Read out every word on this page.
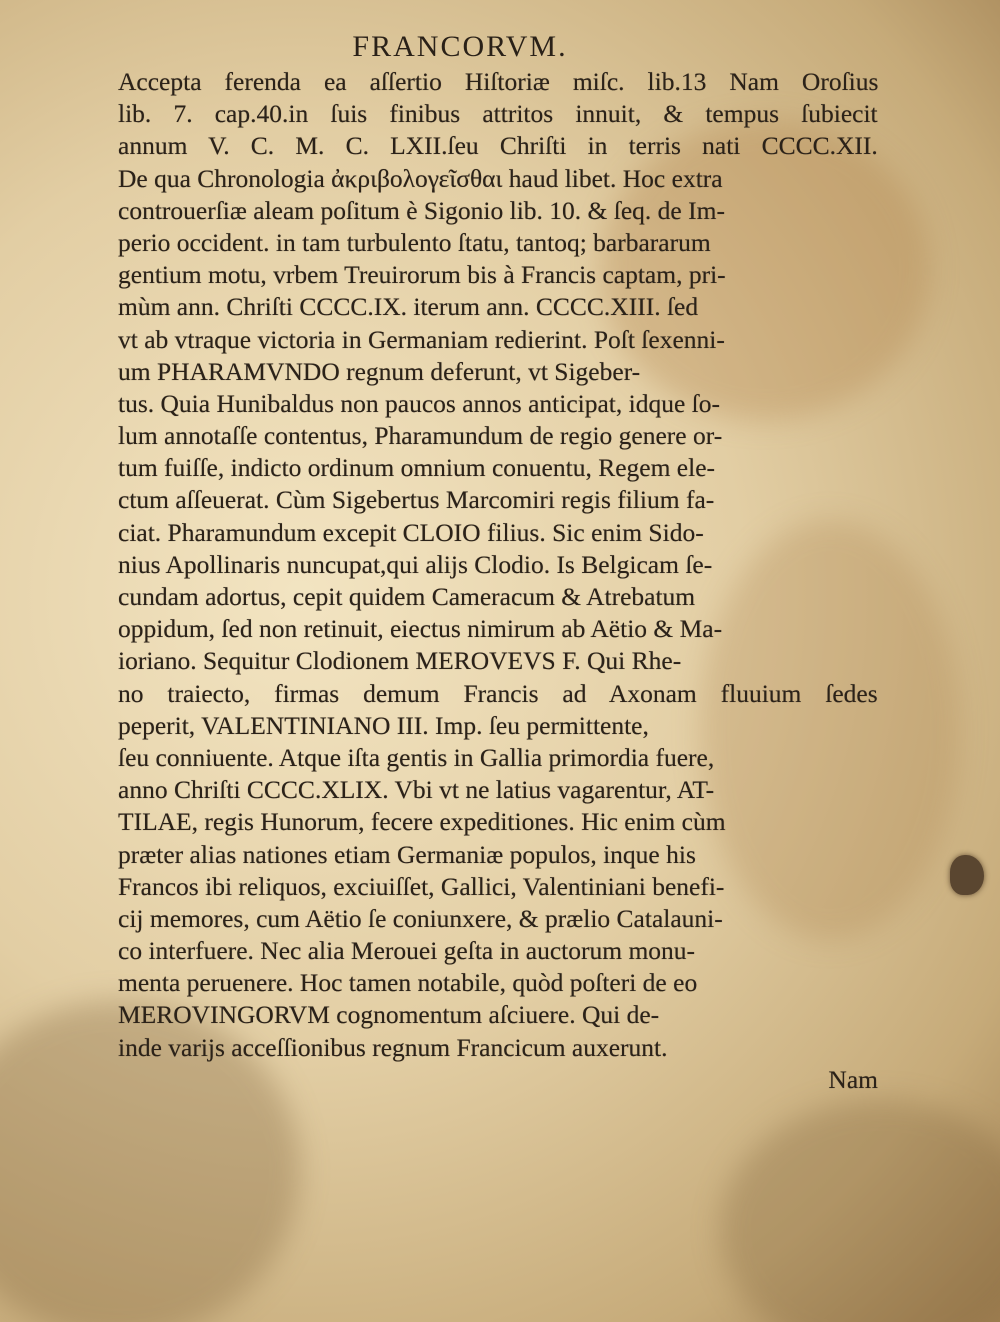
FRANCORVM.
Accepta ferenda ea aſſertio Hiſtoriæ miſc. lib.13 Nam Oroſius
lib. 7. cap.40.in ſuis finibus attritos innuit, & tempus ſubiecit
annum V. C. M. C. LXII.ſeu Chriſti in terris nati CCCC.XII.
De qua Chronologia ἀκριβολογεῖσθαι haud libet. Hoc extra
controuerſiæ aleam poſitum è Sigonio lib. 10. & ſeq. de Im-
perio occident. in tam turbulento ſtatu, tantoq; barbararum
gentium motu, vrbem Treuirorum bis à Francis captam, pri-
mùm ann. Chriſti CCCC.IX. iterum ann. CCCC.XIII. ſed
vt ab vtraque victoria in Germaniam redierint. Poſt ſexenni-
um PHARAMVNDO regnum deferunt, vt Sigeber-
tus. Quia Hunibaldus non paucos annos anticipat, idque ſo-
lum annotaſſe contentus, Pharamundum de regio genere or-
tum fuiſſe, indicto ordinum omnium conuentu, Regem ele-
ctum aſſeuerat. Cùm Sigebertus Marcomiri regis filium fa-
ciat. Pharamundum excepit CLOIO filius. Sic enim Sido-
nius Apollinaris nuncupat,qui alijs Clodio. Is Belgicam ſe-
cundam adortus, cepit quidem Cameracum & Atrebatum
oppidum, ſed non retinuit, eiectus nimirum ab Aëtio & Ma-
ioriano. Sequitur Clodionem MEROVEVS F. Qui Rhe-
no traiecto, firmas demum Francis ad Axonam fluuium ſedes
peperit, VALENTINIANO III. Imp. ſeu permittente,
ſeu conniuente. Atque iſta gentis in Gallia primordia fuere,
anno Chriſti CCCC.XLIX. Vbi vt ne latius vagarentur, AT-
TILAE, regis Hunorum, fecere expeditiones. Hic enim cùm
præter alias nationes etiam Germaniæ populos, inque his
Francos ibi reliquos, exciuiſſet, Gallici, Valentiniani benefi-
cij memores, cum Aëtio ſe coniunxere, & prælio Catalauni-
co interfuere. Nec alia Merouei geſta in auctorum monu-
menta peruenere. Hoc tamen notabile, quòd poſteri de eo
MEROVINGORVM cognomentum aſciuere. Qui de-
inde varijs acceſſionibus regnum Francicum auxerunt.
Nam
